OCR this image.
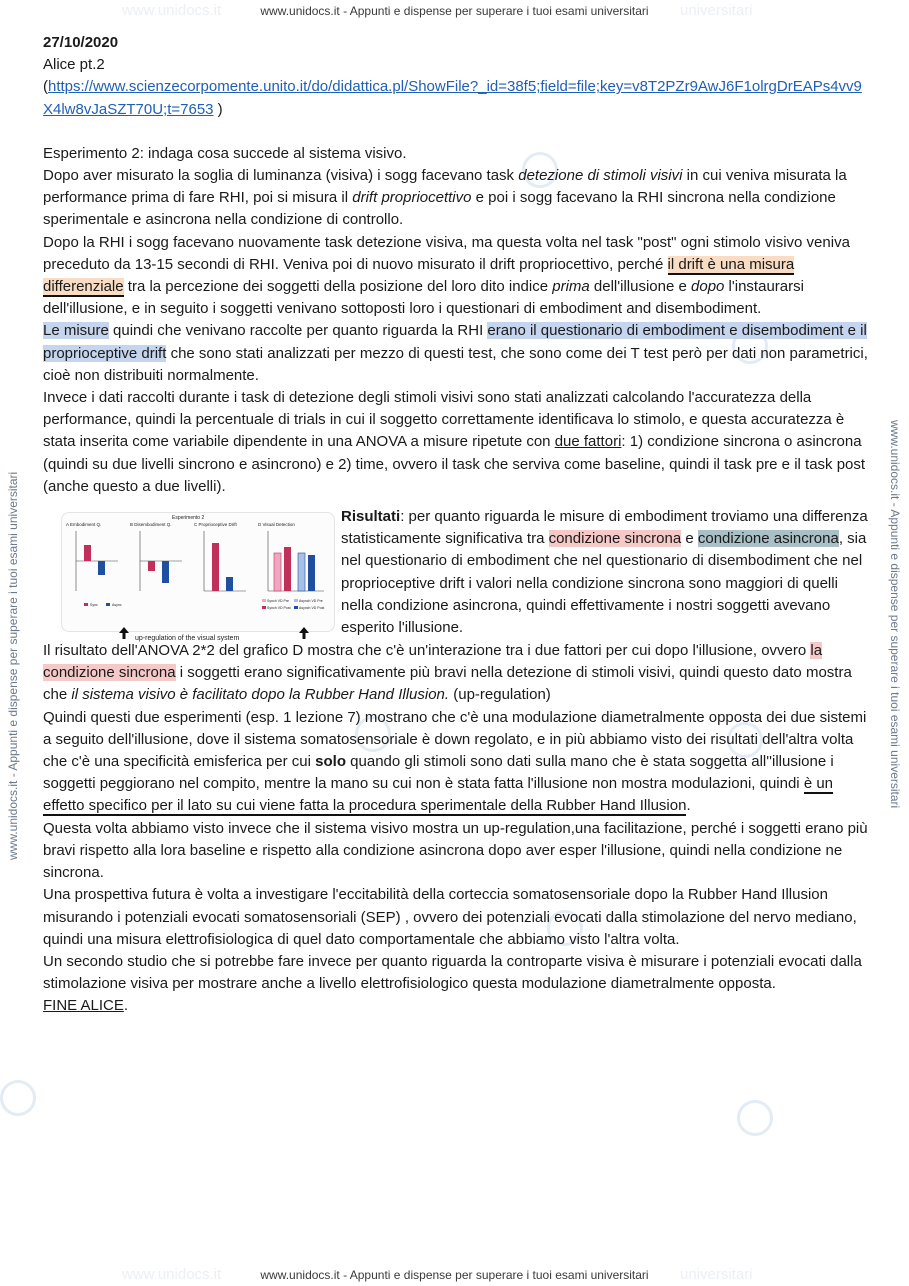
www.unidocs.it	universitari
www.unidocs.it - Appunti e dispense per superare i tuoi esami universitari
www.unidocs.it	universitari
www.unidocs.it - Appunti e dispense per superare i tuoi esami universitari
www.unidocs.it - Appunti e dispense per superare i tuoi esami universitari	www.unidocs.it - Appunti e dispense per superare i tuoi esami universitari

27/10/2020

Alice pt.2

(https://www.scienzecorpomente.unito.it/do/didattica.pl/ShowFile?_id=38f5;field=file;key=v8T2PZr9AwJ6F1olrgDrEAPs4vv9X4lw8vJaSZT70U;t=7653 )

Esperimento 2: indaga cosa succede al sistema visivo.

Dopo aver misurato la soglia di luminanza (visiva) i sogg facevano task detezione di stimoli visivi in cui veniva misurata la performance prima di fare RHI, poi si misura il drift propriocettivo e poi i sogg facevano la RHI sincrona nella condizione sperimentale e asincrona nella condizione di controllo.

Dopo la RHI i sogg facevano nuovamente task detezione visiva, ma questa volta nel task "post" ogni stimolo visivo veniva preceduto da 13-15 secondi di RHI. Veniva poi di nuovo misurato il drift propriocettivo, perché il drift è una misura differenziale tra la percezione dei soggetti della posizione del loro dito indice prima dell'illusione e dopo l'instaurarsi dell'illusione, e in seguito i soggetti venivano sottoposti loro i questionari di embodiment and disembodiment.

Le misure quindi che venivano raccolte per quanto riguarda la RHI erano il questionario di embodiment e disembodiment e il proprioceptive drift che sono stati analizzati per mezzo di questi test, che sono come dei T test però per dati non parametrici, cioè non distribuiti normalmente.

Invece i dati raccolti durante i task di detezione degli stimoli visivi sono stati analizzati calcolando l'accuratezza della performance, quindi la percentuale di trials in cui il soggetto correttamente identificava lo stimolo, e questa accuratezza è stata inserita come variabile dipendente in una ANOVA a misure ripetute con due fattori: 1) condizione sincrona o asincrona (quindi su due livelli sincrono e asincrono) e 2) time, ovvero il task che serviva come baseline, quindi il task pre e il task post (anche questo a due livelli).

Esperimento 2
A Embodiment Q.	B Disembodiment Q.	C Proprioceptive Drift	D Visual Detection
Sync	Async
Synch VD Pre	Asynch VD Pre
Synch VD Post Asynch VD Post
up-regulation of the visual system

Risultati: per quanto riguarda le misure di embodiment troviamo una differenza statisticamente significativa tra condizione sincrona e condizione asincrona, sia nel questionario di embodiment che nel questionario di disembodiment che nel proprioceptive drift i valori nella condizione sincrona sono maggiori di quelli nella condizione asincrona, quindi effettivamente i nostri soggetti avevano esperito l'illusione.

Il risultato dell'ANOVA 2*2 del grafico D mostra che c'è un'interazione tra i due fattori per cui dopo l'illusione, ovvero la condizione sincrona i soggetti erano significativamente più bravi nella detezione di stimoli visivi, quindi questo dato mostra che il sistema visivo è facilitato dopo la Rubber Hand Illusion. (up-regulation)

Quindi questi due esperimenti (esp. 1 lezione 7) mostrano che c'è una modulazione diametralmente opposta dei due sistemi a seguito dell'illusione, dove il sistema somatosensoriale è down regolato, e in più abbiamo visto dei risultati dell'altra volta che c'è una specificità emisferica per cui solo quando gli stimoli sono dati sulla mano che è stata soggetta all''illusione i soggetti peggiorano nel compito, mentre la mano su cui non è stata fatta l'illusione non mostra modulazioni, quindi è un effetto specifico per il lato su cui viene fatta la procedura sperimentale della Rubber Hand Illusion.

Questa volta abbiamo visto invece che il sistema visivo mostra un up-regulation,una facilitazione, perché i soggetti erano più bravi rispetto alla lora baseline e rispetto alla condizione asincrona dopo aver esper l'illusione, quindi nella condizione ne sincrona.

Una prospettiva futura è volta a investigare l'eccitabilità della corteccia somatosensoriale dopo la Rubber Hand Illusion misurando i potenziali evocati somatosensoriali (SEP) , ovvero dei potenziali evocati dalla stimolazione del nervo mediano, quindi una misura elettrofisiologica di quel dato comportamentale che abbiamo visto l'altra volta.

Un secondo studio che si potrebbe fare invece per quanto riguarda la controparte visiva è misurare i potenziali evocati dalla stimolazione visiva per mostrare anche a livello elettrofisiologico questa modulazione diametralmente opposta.

FINE ALICE.
